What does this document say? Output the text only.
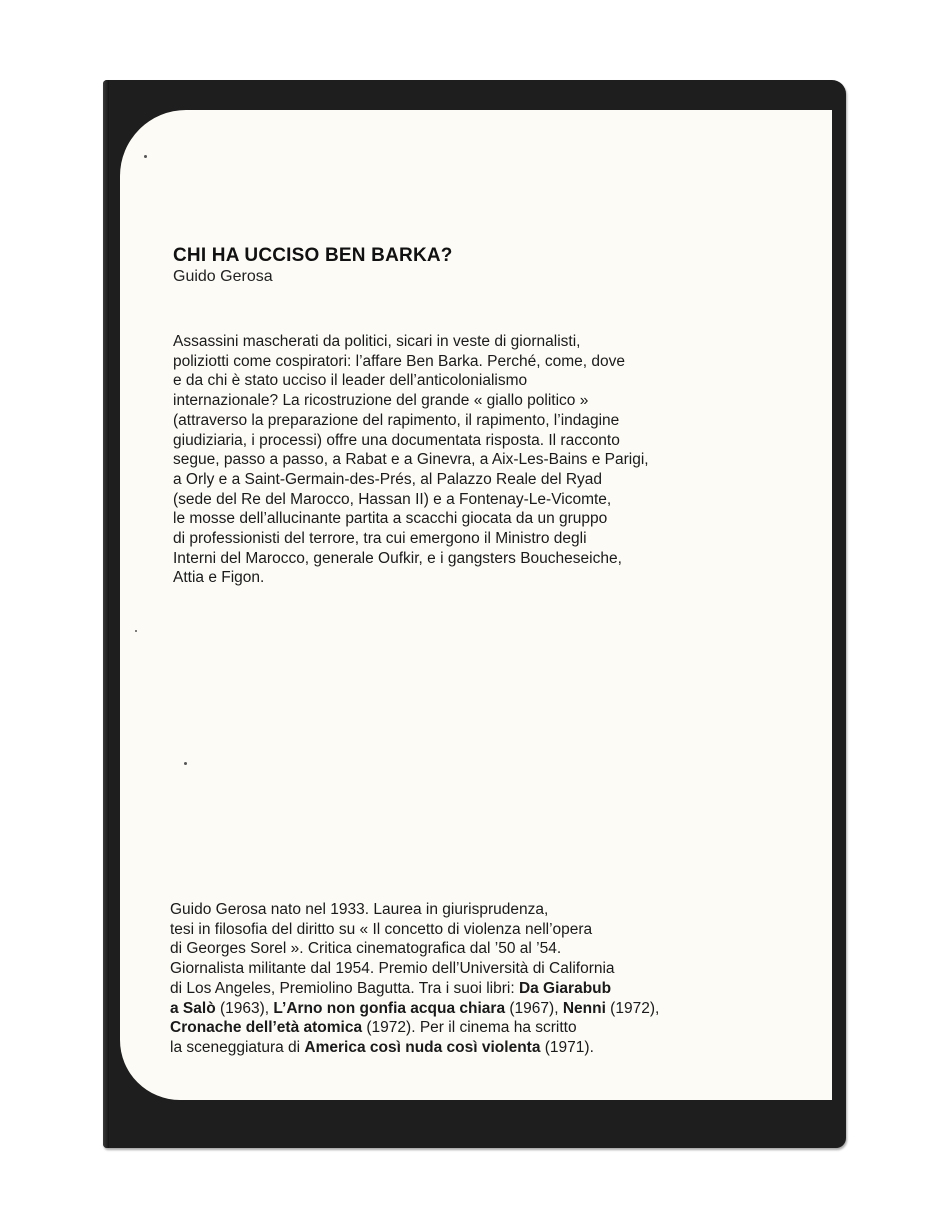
CHI HA UCCISO BEN BARKA?

Guido Gerosa

Assassini mascherati da politici, sicari in veste di giornalisti,
poliziotti come cospiratori: l’affare Ben Barka. Perché, come, dove
e da chi è stato ucciso il leader dell’anticolonialismo
internazionale? La ricostruzione del grande « giallo politico »
(attraverso la preparazione del rapimento, il rapimento, l’indagine
giudiziaria, i processi) offre una documentata risposta. Il racconto
segue, passo a passo, a Rabat e a Ginevra, a Aix-Les-Bains e Parigi,
a Orly e a Saint-Germain-des-Prés, al Palazzo Reale del Ryad
(sede del Re del Marocco, Hassan II) e a Fontenay-Le-Vicomte,
le mosse dell’allucinante partita a scacchi giocata da un gruppo
di professionisti del terrore, tra cui emergono il Ministro degli
Interni del Marocco, generale Oufkir, e i gangsters Boucheseiche,
Attia e Figon.

Guido Gerosa nato nel 1933. Laurea in giurisprudenza,
tesi in filosofia del diritto su « Il concetto di violenza nell’opera
di Georges Sorel ». Critica cinematografica dal ’50 al ’54.
Giornalista militante dal 1954. Premio dell’Università di California
di Los Angeles, Premiolino Bagutta. Tra i suoi libri: Da Giarabub
a Salò (1963), L’Arno non gonfia acqua chiara (1967), Nenni (1972),
Cronache dell’età atomica (1972). Per il cinema ha scritto
la sceneggiatura di America così nuda così violenta (1971).
